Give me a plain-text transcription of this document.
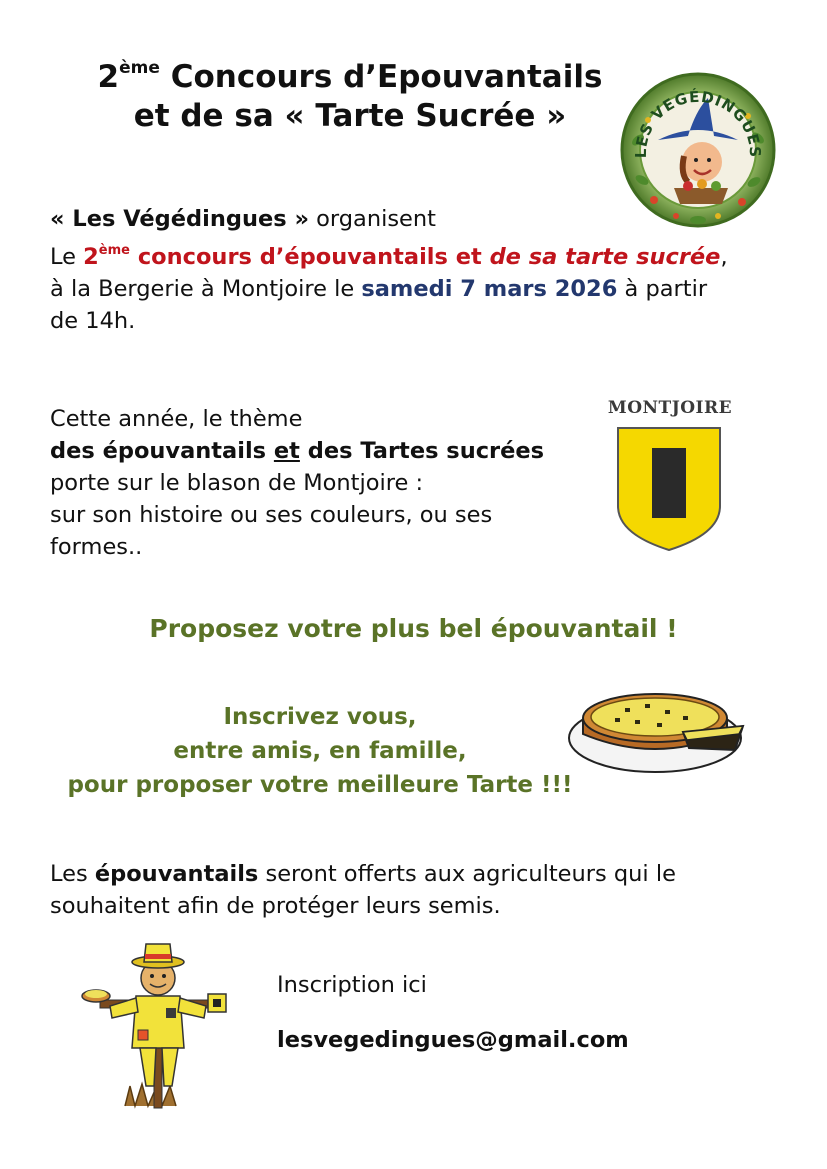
2ème Concours d’Epouvantails
et de sa « Tarte Sucrée »
LES VEGÉDINGUES
« Les Végédingues » organisent
Le 2ème concours d’épouvantails et de sa tarte sucrée,
à la Bergerie à Montjoire le samedi 7 mars 2026 à partir
de 14h.
Cette année, le thème
des épouvantails et des Tartes sucrées
porte sur le blason de Montjoire :
sur son histoire ou ses couleurs, ou ses
formes..
MONTJOIRE
Proposez votre plus bel épouvantail !
Inscrivez vous,
entre amis, en famille,
pour proposer votre meilleure Tarte !!!
Les épouvantails seront offerts aux agriculteurs qui le
souhaitent afin de protéger leurs semis.
Inscription ici
lesvegedingues@gmail.com
